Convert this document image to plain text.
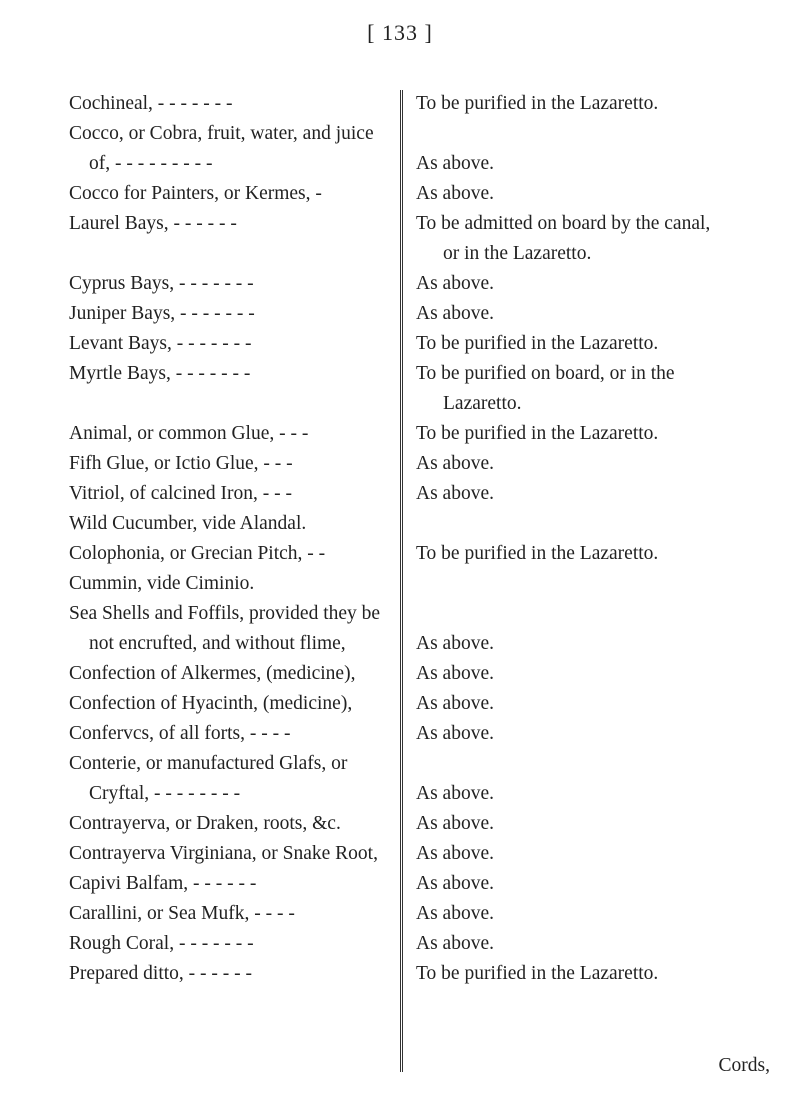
[ 133 ]
Cochineal, - - - - - - -
Cocco, or Cobra, fruit, water, and juice
of, - - - - - - - - -
Cocco for Painters, or Kermes, -
Laurel Bays, - - - - - -
Cyprus Bays, - - - - - - -
Juniper Bays, - - - - - - -
Levant Bays, - - - - - - -
Myrtle Bays, - - - - - - -
Animal, or common Glue, - - -
Fifh Glue, or Ictio Glue, - - -
Vitriol, of calcined Iron, - - -
Wild Cucumber, vide Alandal.
Colophonia, or Grecian Pitch, - -
Cummin, vide Ciminio.
Sea Shells and Foffils, provided they be
not encrufted, and without flime,
Confection of Alkermes, (medicine),
Confection of Hyacinth, (medicine),
Confervcs, of all forts, - - - -
Conterie, or manufactured Glafs, or
Cryftal, - - - - - - - -
Contrayerva, or Draken, roots, &c.
Contrayerva Virginiana, or Snake Root,
Capivi Balfam, - - - - - -
Carallini, or Sea Mufk, - - - -
Rough Coral, - - - - - - -
Prepared ditto, - - - - - -
To be purified in the Lazaretto.
As above.
As above.
To be admitted on board by the canal,
or in the Lazaretto.
As above.
As above.
To be purified in the Lazaretto.
To be purified on board, or in the
Lazaretto.
To be purified in the Lazaretto.
As above.
As above.
To be purified in the Lazaretto.
As above.
As above.
As above.
As above.
As above.
As above.
As above.
As above.
As above.
As above.
To be purified in the Lazaretto.
Cords,
